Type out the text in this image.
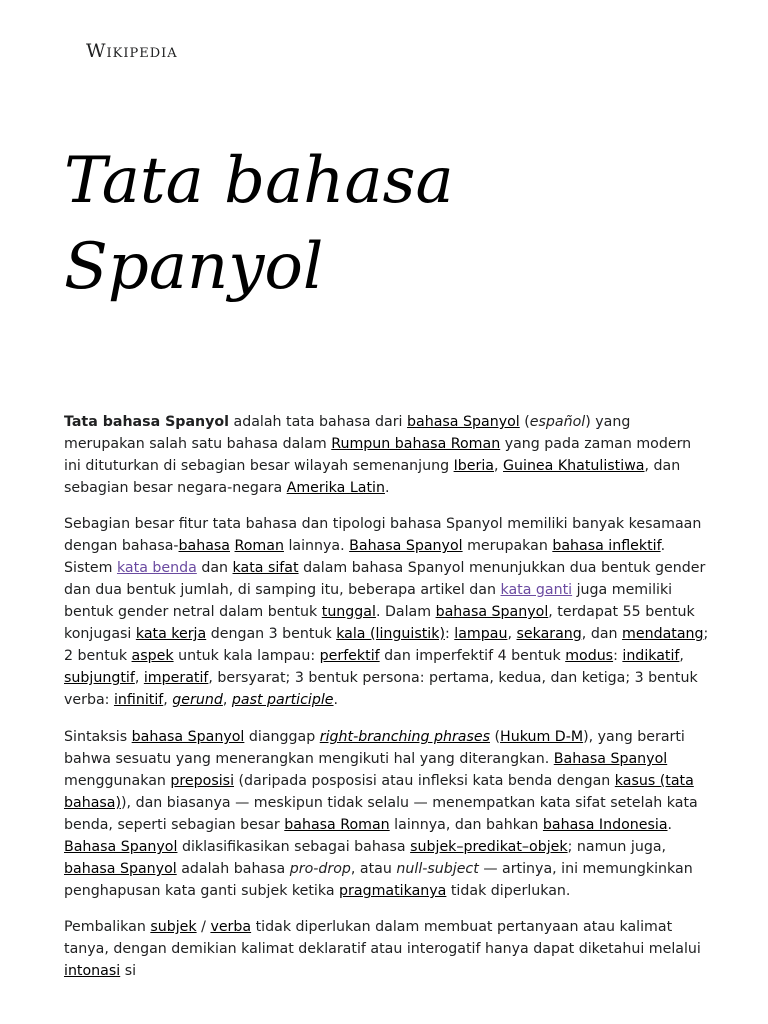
Wikipedia
Tata bahasa Spanyol

Tata bahasa Spanyol adalah tata bahasa dari bahasa Spanyol (español) yang merupakan salah satu bahasa dalam Rumpun bahasa Roman yang pada zaman modern ini dituturkan di sebagian besar wilayah semenanjung Iberia, Guinea Khatulistiwa, dan sebagian besar negara-negara Amerika Latin.

Sebagian besar fitur tata bahasa dan tipologi bahasa Spanyol memiliki banyak kesamaan dengan bahasa-bahasa Roman lainnya. Bahasa Spanyol merupakan bahasa inflektif. Sistem kata benda dan kata sifat dalam bahasa Spanyol menunjukkan dua bentuk gender dan dua bentuk jumlah, di samping itu, beberapa artikel dan kata ganti juga memiliki bentuk gender netral dalam bentuk tunggal. Dalam bahasa Spanyol, terdapat 55 bentuk konjugasi kata kerja dengan 3 bentuk kala (linguistik): lampau, sekarang, dan mendatang; 2 bentuk aspek untuk kala lampau: perfektif dan imperfektif 4 bentuk modus: indikatif, subjungtif, imperatif, bersyarat; 3 bentuk persona: pertama, kedua, dan ketiga; 3 bentuk verba: infinitif, gerund, past participle.

Sintaksis bahasa Spanyol dianggap right-branching phrases (Hukum D-M), yang berarti bahwa sesuatu yang menerangkan mengikuti hal yang diterangkan. Bahasa Spanyol menggunakan preposisi (daripada posposisi atau infleksi kata benda dengan kasus (tata bahasa)), dan biasanya — meskipun tidak selalu — menempatkan kata sifat setelah kata benda, seperti sebagian besar bahasa Roman lainnya, dan bahkan bahasa Indonesia. Bahasa Spanyol diklasifikasikan sebagai bahasa subjek–predikat–objek; namun juga, bahasa Spanyol adalah bahasa pro-drop, atau null-subject — artinya, ini memungkinkan penghapusan kata ganti subjek ketika pragmatikanya tidak diperlukan.

Pembalikan subjek / verba tidak diperlukan dalam membuat pertanyaan atau kalimat tanya, dengan demikian kalimat deklaratif atau interogatif hanya dapat diketahui melalui intonasi si
